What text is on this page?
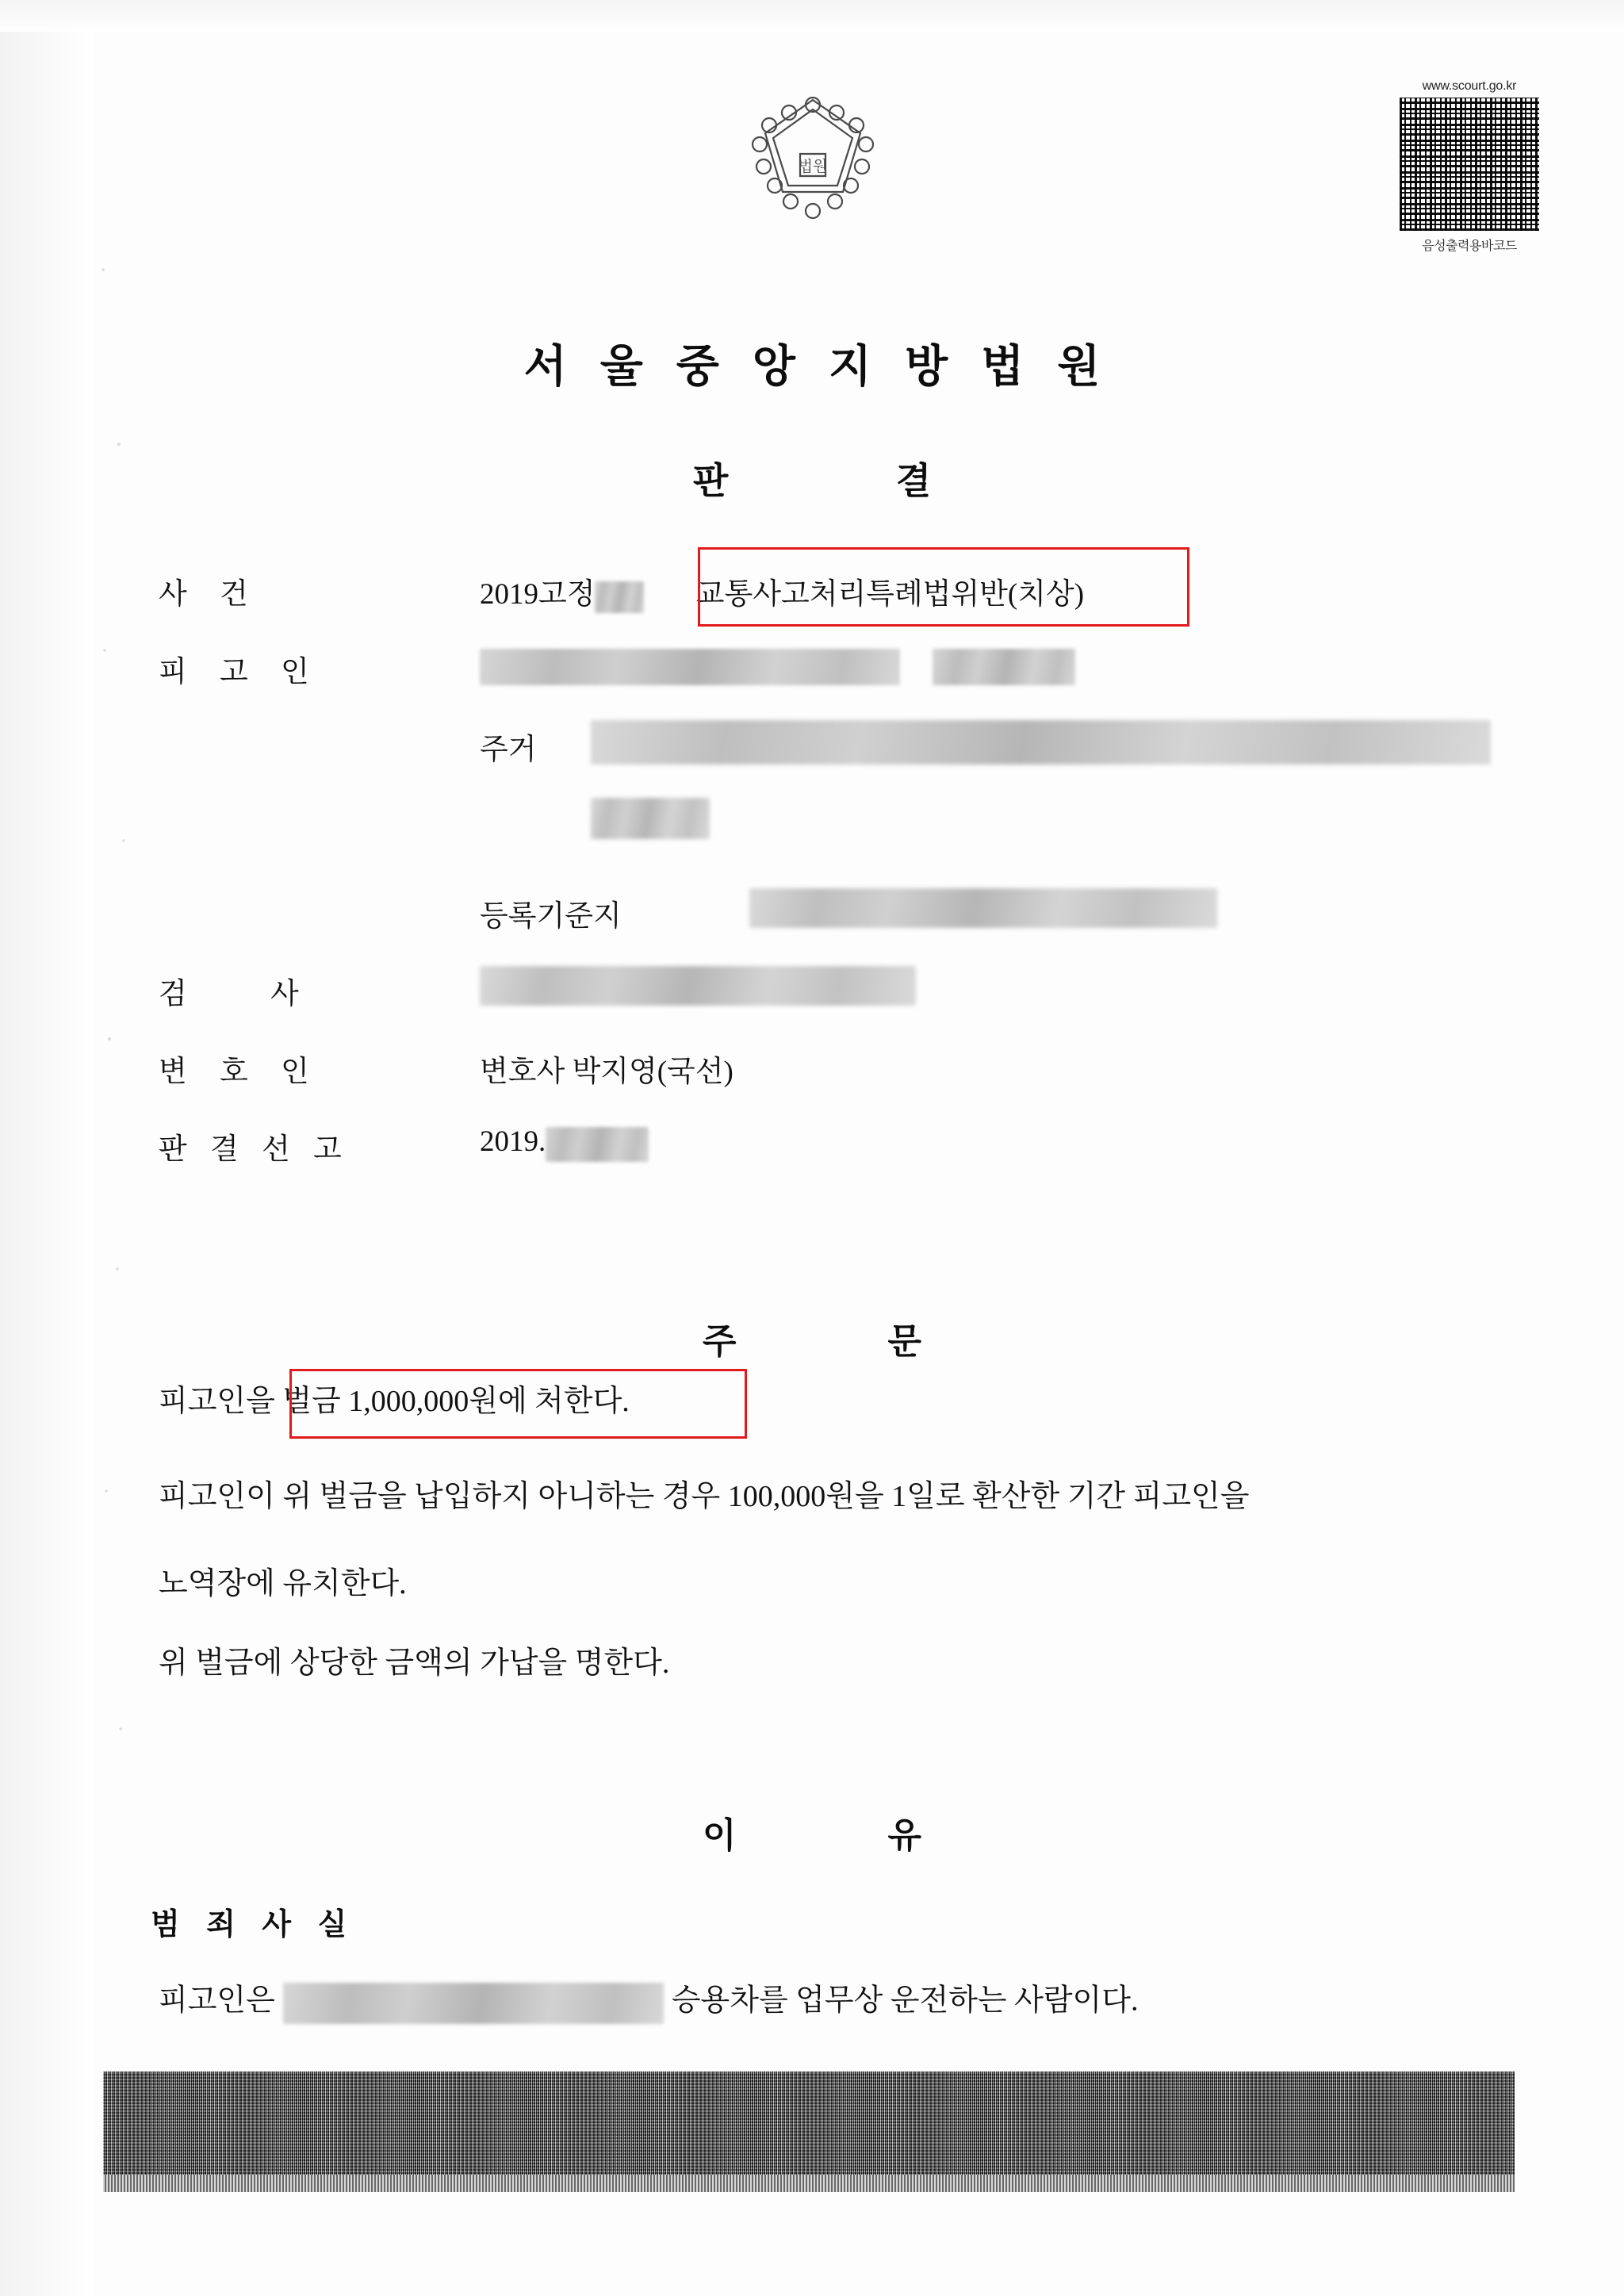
법원
www.scourt.go.kr
음성출력용바코드
서 울 중 앙 지 방 법 원
판 결
사 건	2019고정	교통사고처리특례법위반(치상)
피 고 인

주거
등록기준지
검 사
변 호 인	변호사 박지영(국선)
판 결 선 고	2019.
주 문
피고인을 벌금 1,000,000원에 처한다.
피고인이 위 벌금을 납입하지 아니하는 경우 100,000원을 1일로 환산한 기간 피고인을
노역장에 유치한다.
위 벌금에 상당한 금액의 가납을 명한다.
이 유
범 죄 사 실
피고인은	승용차를 업무상 운전하는 사람이다.
